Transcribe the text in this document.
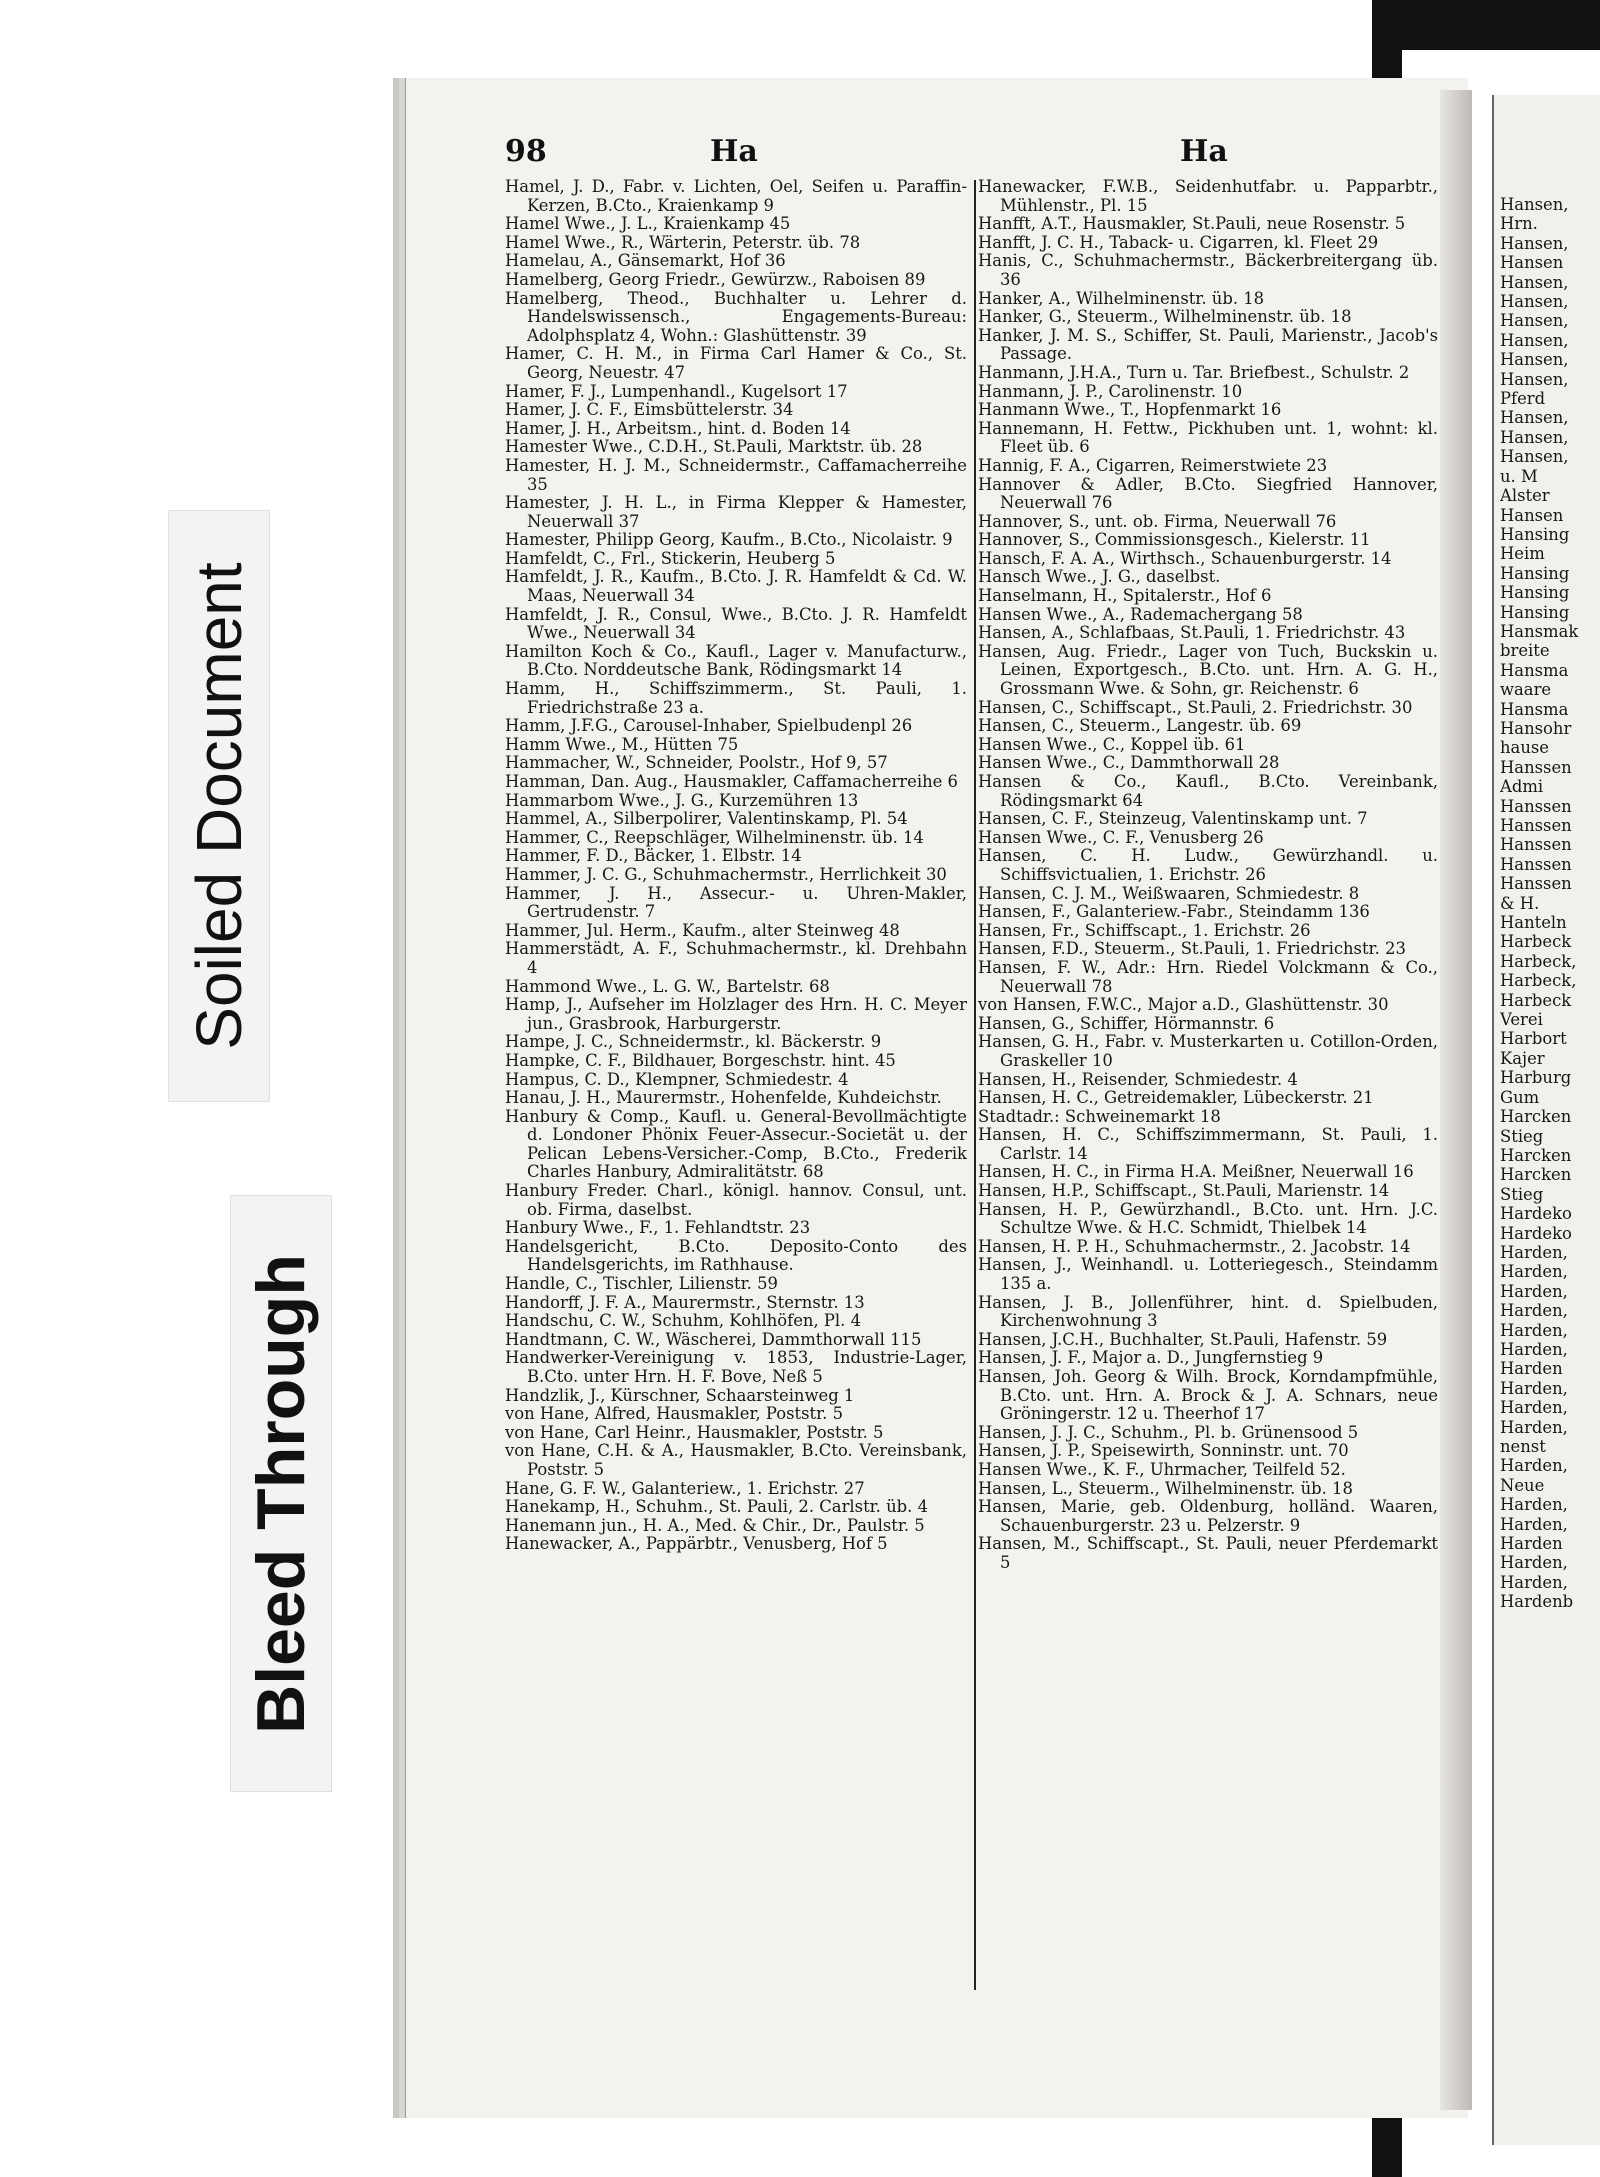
Soiled Document
Bleed Through
98	Ha	Ha

Hamel, J. D., Fabr. v. Lichten, Oel, Seifen u. Paraffin-Kerzen, B.Cto., Kraienkamp 9

Hamel Wwe., J. L., Kraienkamp 45

Hamel Wwe., R., Wärterin, Peterstr. üb. 78

Hamelau, A., Gänsemarkt, Hof 36

Hamelberg, Georg Friedr., Gewürzw., Raboisen 89

Hamelberg, Theod., Buchhalter u. Lehrer d. Handelswissensch., Engagements-Bureau: Adolphsplatz 4, Wohn.: Glashüttenstr. 39

Hamer, C. H. M., in Firma Carl Hamer & Co., St. Georg, Neuestr. 47

Hamer, F. J., Lumpenhandl., Kugelsort 17

Hamer, J. C. F., Eimsbüttelerstr. 34

Hamer, J. H., Arbeitsm., hint. d. Boden 14

Hamester Wwe., C.D.H., St.Pauli, Marktstr. üb. 28

Hamester, H. J. M., Schneidermstr., Caffamacherreihe 35

Hamester, J. H. L., in Firma Klepper & Hamester, Neuerwall 37

Hamester, Philipp Georg, Kaufm., B.Cto., Nicolaistr. 9

Hamfeldt, C., Frl., Stickerin, Heuberg 5

Hamfeldt, J. R., Kaufm., B.Cto. J. R. Hamfeldt & Cd. W. Maas, Neuerwall 34

Hamfeldt, J. R., Consul, Wwe., B.Cto. J. R. Hamfeldt Wwe., Neuerwall 34

Hamilton Koch & Co., Kaufl., Lager v. Manufacturw., B.Cto. Norddeutsche Bank, Rödingsmarkt 14

Hamm, H., Schiffszimmerm., St. Pauli, 1. Friedrichstraße 23 a.

Hamm, J.F.G., Carousel-Inhaber, Spielbudenpl 26

Hamm Wwe., M., Hütten 75

Hammacher, W., Schneider, Poolstr., Hof 9, 57

Hamman, Dan. Aug., Hausmakler, Caffamacherreihe 6

Hammarbom Wwe., J. G., Kurzemühren 13

Hammel, A., Silberpolirer, Valentinskamp, Pl. 54

Hammer, C., Reepschläger, Wilhelminenstr. üb. 14

Hammer, F. D., Bäcker, 1. Elbstr. 14

Hammer, J. C. G., Schuhmachermstr., Herrlichkeit 30

Hammer, J. H., Assecur.- u. Uhren-Makler, Gertrudenstr. 7

Hammer, Jul. Herm., Kaufm., alter Steinweg 48

Hammerstädt, A. F., Schuhmachermstr., kl. Drehbahn 4

Hammond Wwe., L. G. W., Bartelstr. 68

Hamp, J., Aufseher im Holzlager des Hrn. H. C. Meyer jun., Grasbrook, Harburgerstr.

Hampe, J. C., Schneidermstr., kl. Bäckerstr. 9

Hampke, C. F., Bildhauer, Borgeschstr. hint. 45

Hampus, C. D., Klempner, Schmiedestr. 4

Hanau, J. H., Maurermstr., Hohenfelde, Kuhdeichstr.

Hanbury & Comp., Kaufl. u. General-Bevollmächtigte d. Londoner Phönix Feuer-Assecur.-Societät u. der Pelican Lebens-Versicher.-Comp, B.Cto., Frederik Charles Hanbury, Admiralitätstr. 68

Hanbury Freder. Charl., königl. hannov. Consul, unt. ob. Firma, daselbst.

Hanbury Wwe., F., 1. Fehlandtstr. 23

Handelsgericht, B.Cto. Deposito-Conto des Handelsgerichts, im Rathhause.

Handle, C., Tischler, Lilienstr. 59

Handorff, J. F. A., Maurermstr., Sternstr. 13

Handschu, C. W., Schuhm, Kohlhöfen, Pl. 4

Handtmann, C. W., Wäscherei, Dammthorwall 115

Handwerker-Vereinigung v. 1853, Industrie-Lager, B.Cto. unter Hrn. H. F. Bove, Neß 5

Handzlik, J., Kürschner, Schaarsteinweg 1

von Hane, Alfred, Hausmakler, Poststr. 5

von Hane, Carl Heinr., Hausmakler, Poststr. 5

von Hane, C.H. & A., Hausmakler, B.Cto. Vereinsbank, Poststr. 5

Hane, G. F. W., Galanteriew., 1. Erichstr. 27

Hanekamp, H., Schuhm., St. Pauli, 2. Carlstr. üb. 4

Hanemann jun., H. A., Med. & Chir., Dr., Paulstr. 5

Hanewacker, A., Pappärbtr., Venusberg, Hof 5

Hanewacker, F.W.B., Seidenhutfabr. u. Papparbtr., Mühlenstr., Pl. 15

Hanfft, A.T., Hausmakler, St.Pauli, neue Rosenstr. 5

Hanfft, J. C. H., Taback- u. Cigarren, kl. Fleet 29

Hanis, C., Schuhmachermstr., Bäckerbreitergang üb. 36

Hanker, A., Wilhelminenstr. üb. 18

Hanker, G., Steuerm., Wilhelminenstr. üb. 18

Hanker, J. M. S., Schiffer, St. Pauli, Marienstr., Jacob's Passage.

Hanmann, J.H.A., Turn u. Tar. Briefbest., Schulstr. 2

Hanmann, J. P., Carolinenstr. 10

Hanmann Wwe., T., Hopfenmarkt 16

Hannemann, H. Fettw., Pickhuben unt. 1, wohnt: kl. Fleet üb. 6

Hannig, F. A., Cigarren, Reimerstwiete 23

Hannover & Adler, B.Cto. Siegfried Hannover, Neuerwall 76

Hannover, S., unt. ob. Firma, Neuerwall 76

Hannover, S., Commissionsgesch., Kielerstr. 11

Hansch, F. A. A., Wirthsch., Schauenburgerstr. 14

Hansch Wwe., J. G., daselbst.

Hanselmann, H., Spitalerstr., Hof 6

Hansen Wwe., A., Rademachergang 58

Hansen, A., Schlafbaas, St.Pauli, 1. Friedrichstr. 43

Hansen, Aug. Friedr., Lager von Tuch, Buckskin u. Leinen, Exportgesch., B.Cto. unt. Hrn. A. G. H., Grossmann Wwe. & Sohn, gr. Reichenstr. 6

Hansen, C., Schiffscapt., St.Pauli, 2. Friedrichstr. 30

Hansen, C., Steuerm., Langestr. üb. 69

Hansen Wwe., C., Koppel üb. 61

Hansen Wwe., C., Dammthorwall 28

Hansen & Co., Kaufl., B.Cto. Vereinbank, Rödingsmarkt 64

Hansen, C. F., Steinzeug, Valentinskamp unt. 7

Hansen Wwe., C. F., Venusberg 26

Hansen, C. H. Ludw., Gewürzhandl. u. Schiffsvictualien, 1. Erichstr. 26

Hansen, C. J. M., Weißwaaren, Schmiedestr. 8

Hansen, F., Galanteriew.-Fabr., Steindamm 136

Hansen, Fr., Schiffscapt., 1. Erichstr. 26

Hansen, F.D., Steuerm., St.Pauli, 1. Friedrichstr. 23

Hansen, F. W., Adr.: Hrn. Riedel Volckmann & Co., Neuerwall 78

von Hansen, F.W.C., Major a.D., Glashüttenstr. 30

Hansen, G., Schiffer, Hörmannstr. 6

Hansen, G. H., Fabr. v. Musterkarten u. Cotillon-Orden, Graskeller 10

Hansen, H., Reisender, Schmiedestr. 4

Hansen, H. C., Getreidemakler, Lübeckerstr. 21

Stadtadr.: Schweinemarkt 18

Hansen, H. C., Schiffszimmermann, St. Pauli, 1. Carlstr. 14

Hansen, H. C., in Firma H.A. Meißner, Neuerwall 16

Hansen, H.P., Schiffscapt., St.Pauli, Marienstr. 14

Hansen, H. P., Gewürzhandl., B.Cto. unt. Hrn. J.C. Schultze Wwe. & H.C. Schmidt, Thielbek 14

Hansen, H. P. H., Schuhmachermstr., 2. Jacobstr. 14

Hansen, J., Weinhandl. u. Lotteriegesch., Steindamm 135 a.

Hansen, J. B., Jollenführer, hint. d. Spielbuden, Kirchenwohnung 3

Hansen, J.C.H., Buchhalter, St.Pauli, Hafenstr. 59

Hansen, J. F., Major a. D., Jungfernstieg 9

Hansen, Joh. Georg & Wilh. Brock, Korndampfmühle, B.Cto. unt. Hrn. A. Brock & J. A. Schnars, neue Gröningerstr. 12 u. Theerhof 17

Hansen, J. J. C., Schuhm., Pl. b. Grünensood 5

Hansen, J. P., Speisewirth, Sonninstr. unt. 70

Hansen Wwe., K. F., Uhrmacher, Teilfeld 52.

Hansen, L., Steuerm., Wilhelminenstr. üb. 18

Hansen, Marie, geb. Oldenburg, holländ. Waaren, Schauenburgerstr. 23 u. Pelzerstr. 9

Hansen, M., Schiffscapt., St. Pauli, neuer Pferdemarkt 5

Hansen,

Hrn.

Hansen,

Hansen

Hansen,

Hansen,

Hansen,

Hansen,

Hansen,

Hansen,

Pferd

Hansen,

Hansen,

Hansen,

u. M

Alster

Hansen

Hansing

Heim

Hansing

Hansing

Hansing

Hansmak

breite

Hansma

waare

Hansma

Hansohr

hause

Hanssen

Admi

Hanssen

Hanssen

Hanssen

Hanssen

Hanssen

& H.

Hanteln

Harbeck

Harbeck,

Harbeck,

Harbeck

Verei

Harbort

Kajer

Harburg

Gum

Harcken

Stieg

Harcken

Harcken

Stieg

Hardeko

Hardeko

Harden,

Harden,

Harden,

Harden,

Harden,

Harden,

Harden

Harden,

Harden,

Harden,

nenst

Harden,

Neue

Harden,

Harden,

Harden

Harden,

Harden,

Hardenb
